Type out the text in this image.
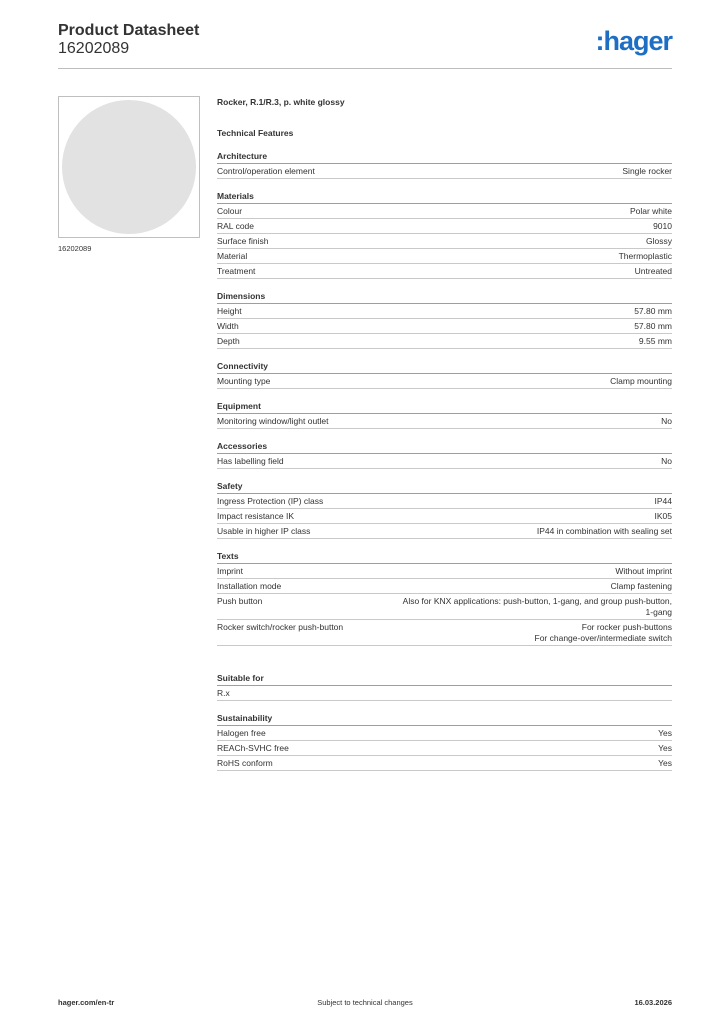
Product Datasheet
16202089	:hager
16202089
Rocker, R.1/R.3, p. white glossy
Technical Features
Architecture
Control/operation element	Single rocker
Materials
Colour	Polar white
RAL code	9010
Surface finish	Glossy
Material	Thermoplastic
Treatment	Untreated
Dimensions
Height	57.80 mm
Width	57.80 mm
Depth	9.55 mm
Connectivity
Mounting type	Clamp mounting
Equipment
Monitoring window/light outlet	No
Accessories
Has labelling field	No
Safety
Ingress Protection (IP) class	IP44
Impact resistance IK	IK05
Usable in higher IP class	IP44 in combination with sealing set
Texts
Imprint	Without imprint
Installation mode	Clamp fastening
Push button	Also for KNX applications: push-button, 1-gang, and group push-button,
1-gang
Rocker switch/rocker push-button	For rocker push-buttons
For change-over/intermediate switch
Suitable for
R.x
Sustainability
Halogen free	Yes
REACh-SVHC free	Yes
RoHS conform	Yes
hager.com/en-tr	Subject to technical changes	16.03.2026
